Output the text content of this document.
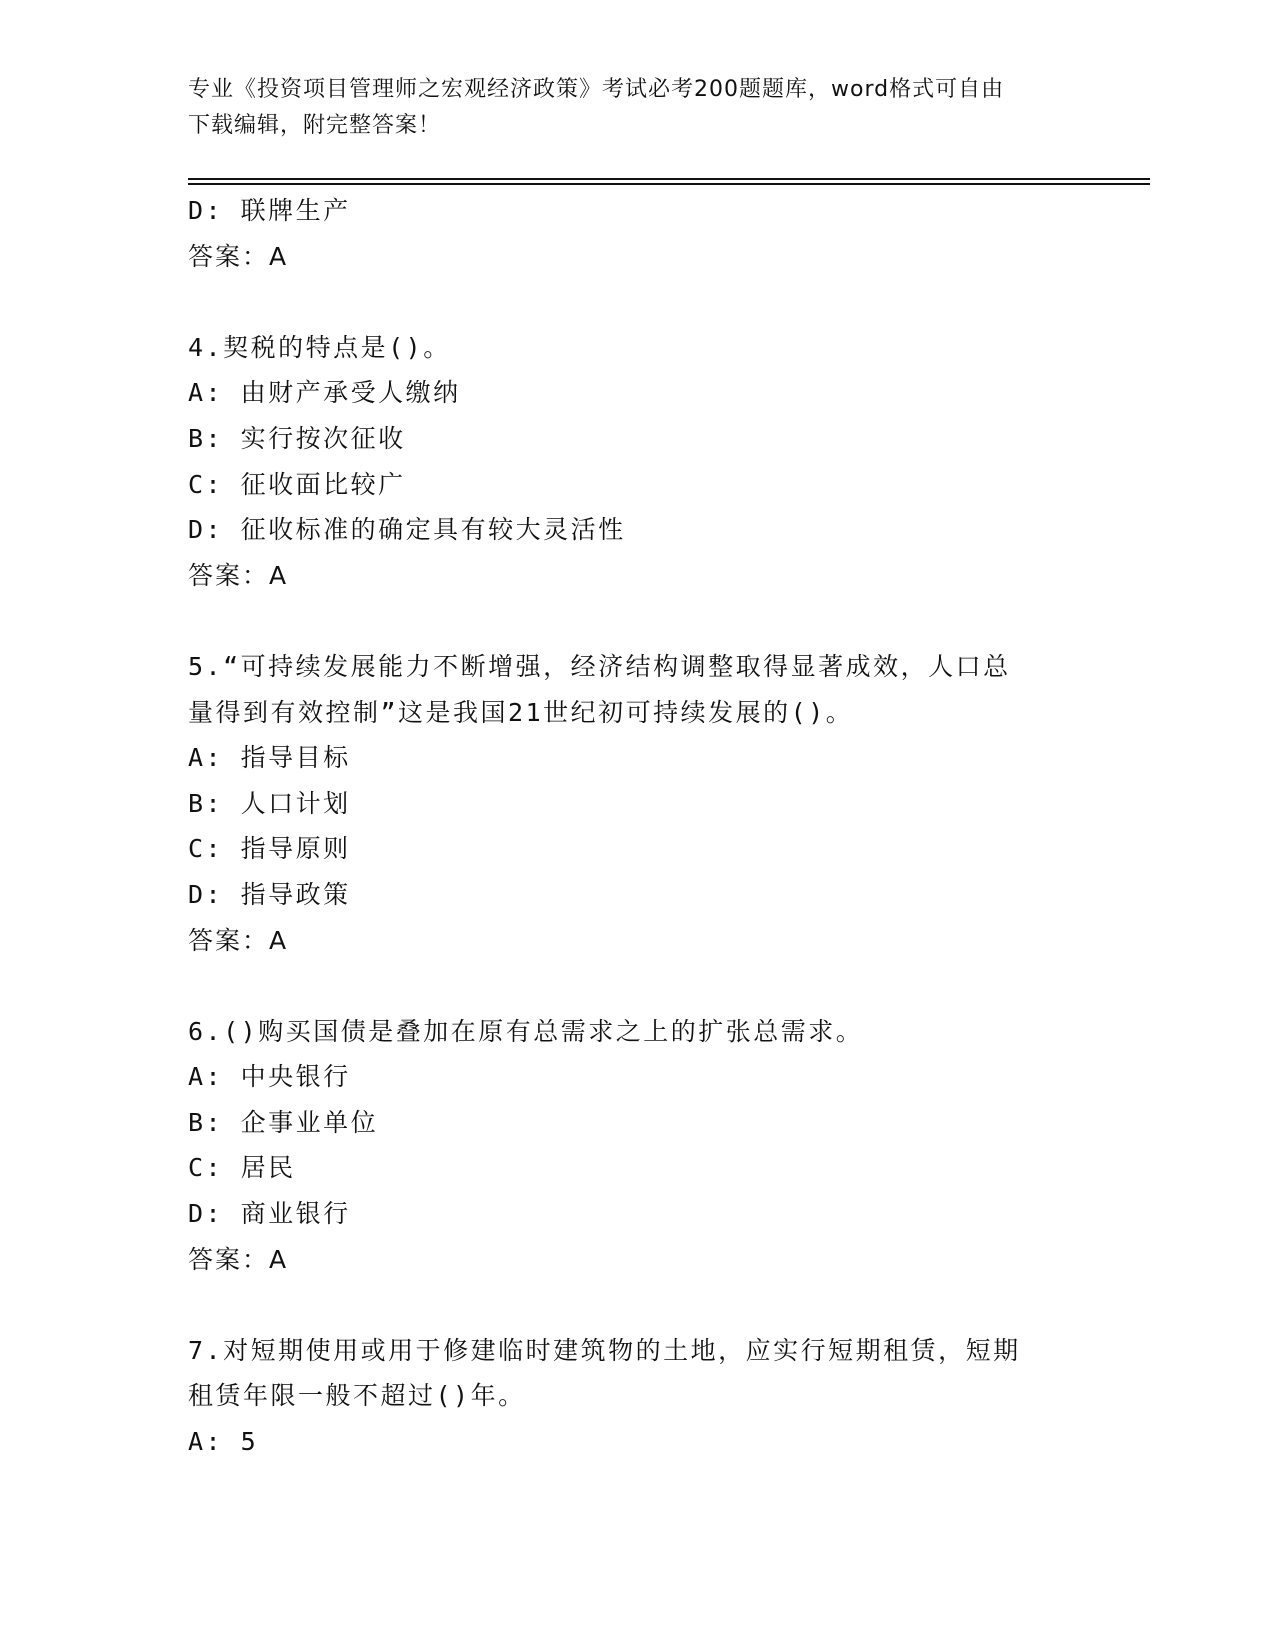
专业《投资项目管理师之宏观经济政策》考试必考200题题库，word格式可自由
下载编辑，附完整答案！
D: 联牌生产
答案：A
4.契税的特点是()。
A: 由财产承受人缴纳
B: 实行按次征收
C: 征收面比较广
D: 征收标准的确定具有较大灵活性
答案：A
5.“可持续发展能力不断增强，经济结构调整取得显著成效，人口总
量得到有效控制”这是我国21世纪初可持续发展的()。
A: 指导目标
B: 人口计划
C: 指导原则
D: 指导政策
答案：A
6.()购买国债是叠加在原有总需求之上的扩张总需求。
A: 中央银行
B: 企事业单位
C: 居民
D: 商业银行
答案：A
7.对短期使用或用于修建临时建筑物的土地，应实行短期租赁，短期
租赁年限一般不超过()年。
A: 5
